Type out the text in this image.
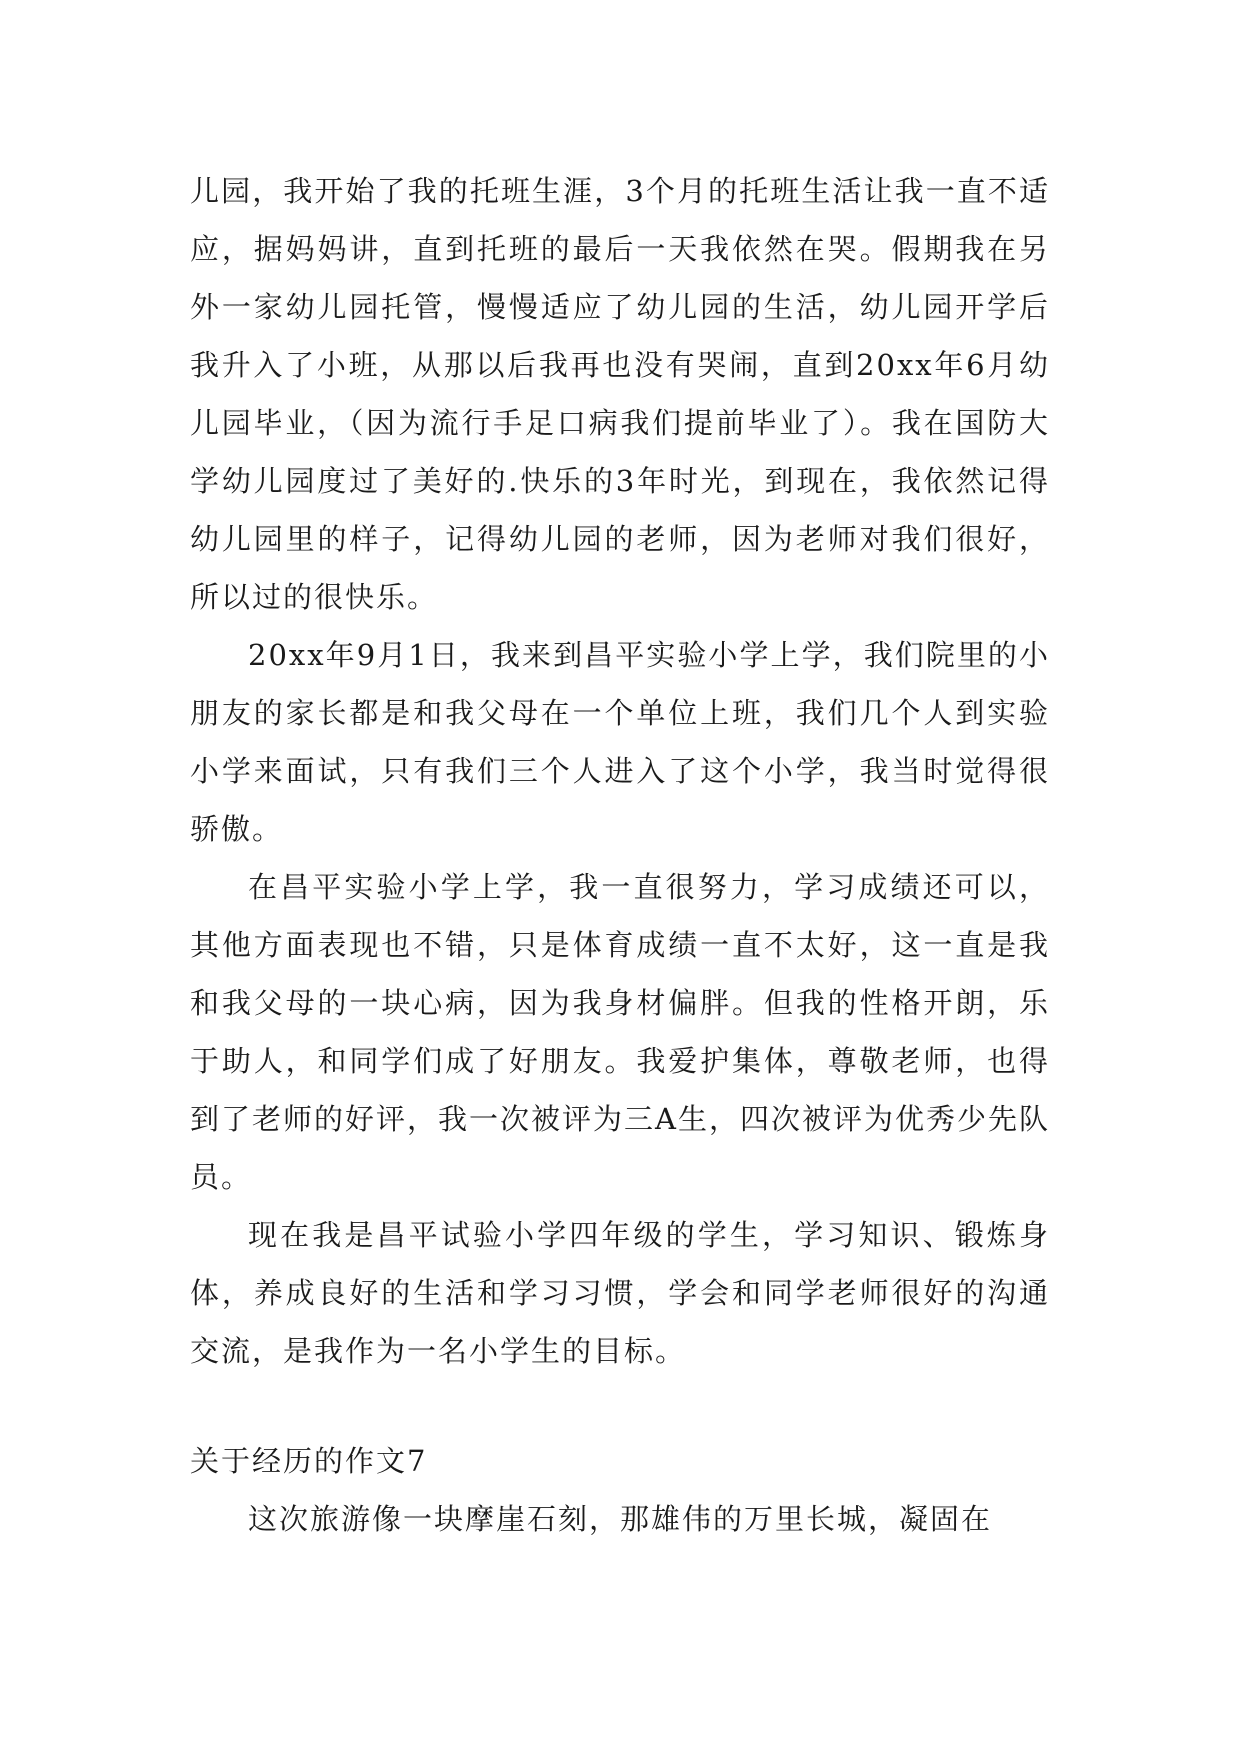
儿园，我开始了我的托班生涯，3个月的托班生活让我一直不适应，据妈妈讲，直到托班的最后一天我依然在哭。假期我在另外一家幼儿园托管，慢慢适应了幼儿园的生活，幼儿园开学后我升入了小班，从那以后我再也没有哭闹，直到20xx年6月幼儿园毕业，（因为流行手足口病我们提前毕业了）。我在国防大学幼儿园度过了美好的.快乐的3年时光，到现在，我依然记得幼儿园里的样子，记得幼儿园的老师，因为老师对我们很好，所以过的很快乐。

20xx年9月1日，我来到昌平实验小学上学，我们院里的小朋友的家长都是和我父母在一个单位上班，我们几个人到实验小学来面试，只有我们三个人进入了这个小学，我当时觉得很骄傲。

在昌平实验小学上学，我一直很努力，学习成绩还可以，其他方面表现也不错，只是体育成绩一直不太好，这一直是我和我父母的一块心病，因为我身材偏胖。但我的性格开朗，乐于助人，和同学们成了好朋友。我爱护集体，尊敬老师，也得到了老师的好评，我一次被评为三A生，四次被评为优秀少先队员。

现在我是昌平试验小学四年级的学生，学习知识、锻炼身体，养成良好的生活和学习习惯，学会和同学老师很好的沟通交流，是我作为一名小学生的目标。

关于经历的作文7

这次旅游像一块摩崖石刻，那雄伟的万里长城，凝固在
